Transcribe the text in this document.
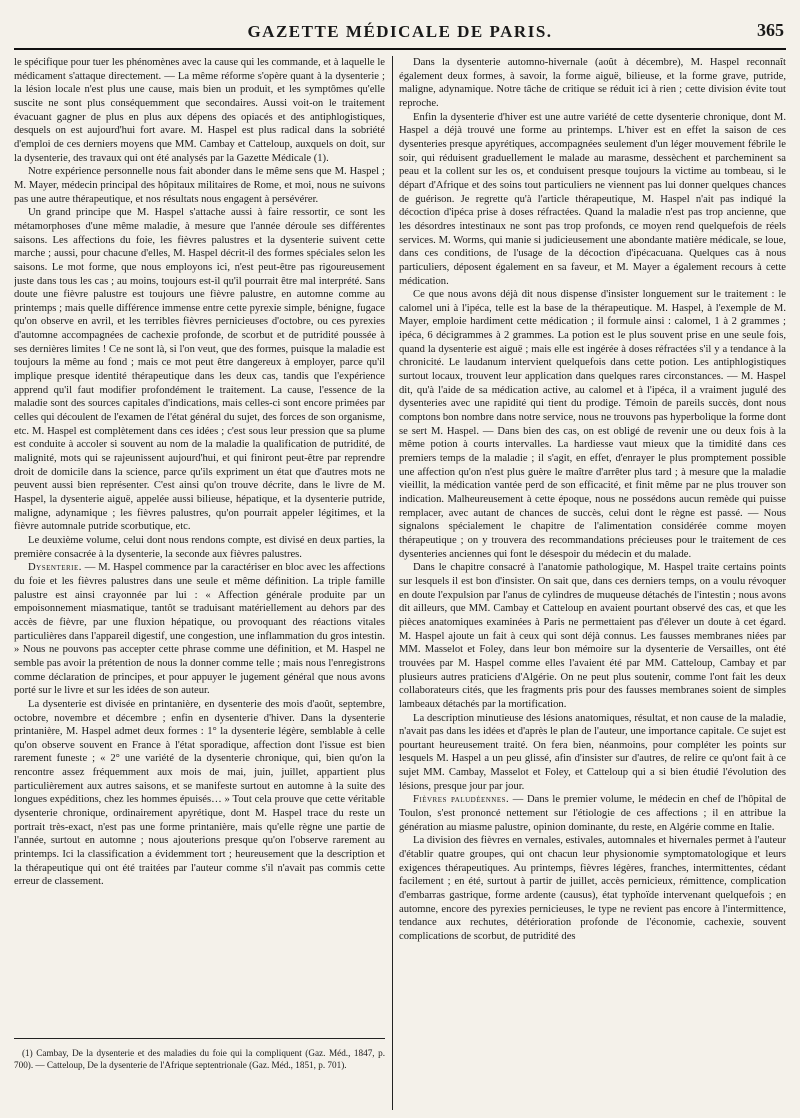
GAZETTE MÉDICALE DE PARIS.	365

le spécifique pour tuer les phénomènes avec la cause qui les commande, et à laquelle le médicament s'attaque directement. — La même réforme s'opère quant à la dysenterie ; la lésion locale n'est plus une cause, mais bien un produit, et les symptômes qu'elle suscite ne sont plus conséquemment que secondaires. Aussi voit-on le traitement évacuant gagner de plus en plus aux dépens des opiacés et des antiphlogistiques, desquels on est aujourd'hui fort avare. M. Haspel est plus radical dans la sobriété d'emploi de ces derniers moyens que MM. Cambay et Catteloup, auxquels on doit, sur la dysenterie, des travaux qui ont été analysés par la Gazette Médicale (1).

Notre expérience personnelle nous fait abonder dans le même sens que M. Haspel ; M. Mayer, médecin principal des hôpitaux militaires de Rome, et moi, nous ne suivons pas une autre thérapeutique, et nos résultats nous engagent à persévérer.

Un grand principe que M. Haspel s'attache aussi à faire ressortir, ce sont les métamorphoses d'une même maladie, à mesure que l'année déroule ses différentes saisons. Les affections du foie, les fièvres palustres et la dysenterie suivent cette marche ; aussi, pour chacune d'elles, M. Haspel décrit-il des formes spéciales selon les saisons. Le mot forme, que nous employons ici, n'est peut-être pas rigoureusement juste dans tous les cas ; au moins, toujours est-il qu'il pourrait être mal interprété. Sans doute une fièvre palustre est toujours une fièvre palustre, en automne comme au printemps ; mais quelle différence immense entre cette pyrexie simple, bénigne, fugace qu'on observe en avril, et les terribles fièvres pernicieuses d'octobre, ou ces pyrexies d'automne accompagnées de cachexie profonde, de scorbut et de putridité poussée à ses dernières limites ! Ce ne sont là, si l'on veut, que des formes, puisque la maladie est toujours la même au fond ; mais ce mot peut être dangereux à employer, parce qu'il implique presque identité thérapeutique dans les deux cas, tandis que l'expérience apprend qu'il faut modifier profondément le traitement. La cause, l'essence de la maladie sont des sources capitales d'indications, mais celles-ci sont encore primées par celles qui découlent de l'examen de l'état général du sujet, des forces de son organisme, etc. M. Haspel est complètement dans ces idées ; c'est sous leur pression que sa plume est conduite à accoler si souvent au nom de la maladie la qualification de putridité, de malignité, mots qui se rajeunissent aujourd'hui, et qui finiront peut-être par reprendre droit de domicile dans la science, parce qu'ils expriment un état que d'autres mots ne peuvent aussi bien représenter. C'est ainsi qu'on trouve décrite, dans le livre de M. Haspel, la dysenterie aiguë, appelée aussi bilieuse, hépatique, et la dysenterie putride, maligne, adynamique ; les fièvres palustres, qu'on pourrait appeler légitimes, et la fièvre automnale putride scorbutique, etc.

Le deuxième volume, celui dont nous rendons compte, est divisé en deux parties, la première consacrée à la dysenterie, la seconde aux fièvres palustres.

Dysenterie. — M. Haspel commence par la caractériser en bloc avec les affections du foie et les fièvres palustres dans une seule et même définition. La triple famille palustre est ainsi crayonnée par lui : « Affection générale produite par un empoisonnement miasmatique, tantôt se traduisant matériellement au dehors par des accès de fièvre, par une fluxion hépatique, ou provoquant des réactions vitales particulières dans l'appareil digestif, une congestion, une inflammation du gros intestin. » Nous ne pouvons pas accepter cette phrase comme une définition, et M. Haspel ne semble pas avoir la prétention de nous la donner comme telle ; mais nous l'enregistrons comme déclaration de principes, et pour appuyer le jugement général que nous avons porté sur le livre et sur les idées de son auteur.

La dysenterie est divisée en printanière, en dysenterie des mois d'août, septembre, octobre, novembre et décembre ; enfin en dysenterie d'hiver. Dans la dysenterie printanière, M. Haspel admet deux formes : 1° la dysenterie légère, semblable à celle qu'on observe souvent en France à l'état sporadique, affection dont l'issue est bien rarement funeste ; « 2° une variété de la dysenterie chronique, qui, bien qu'on la rencontre assez fréquemment aux mois de mai, juin, juillet, appartient plus particulièrement aux autres saisons, et se manifeste surtout en automne à la suite des longues expéditions, chez les hommes épuisés… » Tout cela prouve que cette véritable dysenterie chronique, ordinairement apyrétique, dont M. Haspel trace du reste un portrait très-exact, n'est pas une forme printanière, mais qu'elle règne une partie de l'année, surtout en automne ; nous ajouterions presque qu'on l'observe rarement au printemps. Ici la classification a évidemment tort ; heureusement que la description et la thérapeutique qui ont été traitées par l'auteur comme s'il n'avait pas commis cette erreur de classement.

(1) Cambay, De la dysenterie et des maladies du foie qui la compliquent (Gaz. Méd., 1847, p. 700). — Catteloup, De la dysenterie de l'Afrique septentrionale (Gaz. Méd., 1851, p. 701).

Dans la dysenterie automno-hivernale (août à décembre), M. Haspel reconnaît également deux formes, à savoir, la forme aiguë, bilieuse, et la forme grave, putride, maligne, adynamique. Notre tâche de critique se réduit ici à rien ; cette division évite tout reproche.

Enfin la dysenterie d'hiver est une autre variété de cette dysenterie chronique, dont M. Haspel a déjà trouvé une forme au printemps. L'hiver est en effet la saison de ces dysenteries presque apyrétiques, accompagnées seulement d'un léger mouvement fébrile le soir, qui réduisent graduellement le malade au marasme, dessèchent et parcheminent sa peau et la collent sur les os, et conduisent presque toujours la victime au tombeau, si le départ d'Afrique et des soins tout particuliers ne viennent pas lui donner quelques chances de guérison. Je regrette qu'à l'article thérapeutique, M. Haspel n'ait pas indiqué la décoction d'ipéca prise à doses réfractées. Quand la maladie n'est pas trop ancienne, que les désordres intestinaux ne sont pas trop profonds, ce moyen rend quelquefois de réels services. M. Worms, qui manie si judicieusement une abondante matière médicale, se loue, dans ces conditions, de l'usage de la décoction d'ipécacuana. Quelques cas à nous particuliers, déposent également en sa faveur, et M. Mayer a également recours à cette médication.

Ce que nous avons déjà dit nous dispense d'insister longuement sur le traitement : le calomel uni à l'ipéca, telle est la base de la thérapeutique. M. Haspel, à l'exemple de M. Mayer, emploie hardiment cette médication ; il formule ainsi : calomel, 1 à 2 grammes ; ipéca, 6 décigrammes à 2 grammes. La potion est le plus souvent prise en une seule fois, quand la dysenterie est aiguë ; mais elle est ingérée à doses réfractées s'il y a tendance à la chronicité. Le laudanum intervient quelquefois dans cette potion. Les antiphlogistiques surtout locaux, trouvent leur application dans quelques rares circonstances. — M. Haspel dit, qu'à l'aide de sa médication active, au calomel et à l'ipéca, il a vraiment jugulé des dysenteries avec une rapidité qui tient du prodige. Témoin de pareils succès, dont nous comptons bon nombre dans notre service, nous ne trouvons pas hyperbolique la forme dont se sert M. Haspel. — Dans bien des cas, on est obligé de revenir une ou deux fois à la même potion à courts intervalles. La hardiesse vaut mieux que la timidité dans ces premiers temps de la maladie ; il s'agit, en effet, d'enrayer le plus promptement possible une affection qu'on n'est plus guère le maître d'arrêter plus tard ; à mesure que la maladie vieillit, la médication vantée perd de son efficacité, et finit même par ne plus trouver son indication. Malheureusement à cette époque, nous ne possédons aucun remède qui puisse remplacer, avec autant de chances de succès, celui dont le règne est passé. — Nous signalons spécialement le chapitre de l'alimentation considérée comme moyen thérapeutique ; on y trouvera des recommandations précieuses pour le traitement de ces dysenteries anciennes qui font le désespoir du médecin et du malade.

Dans le chapitre consacré à l'anatomie pathologique, M. Haspel traite certains points sur lesquels il est bon d'insister. On sait que, dans ces derniers temps, on a voulu révoquer en doute l'expulsion par l'anus de cylindres de muqueuse détachés de l'intestin ; nous avons dit ailleurs, que MM. Cambay et Catteloup en avaient pourtant observé des cas, et que les pièces anatomiques examinées à Paris ne permettaient pas d'élever un doute à cet égard. M. Haspel ajoute un fait à ceux qui sont déjà connus. Les fausses membranes niées par MM. Masselot et Foley, dans leur bon mémoire sur la dysenterie de Versailles, ont été trouvées par M. Haspel comme elles l'avaient été par MM. Catteloup, Cambay et par plusieurs autres praticiens d'Algérie. On ne peut plus soutenir, comme l'ont fait les deux collaborateurs cités, que les fragments pris pour des fausses membranes soient de simples lambeaux détachés par la mortification.

La description minutieuse des lésions anatomiques, résultat, et non cause de la maladie, n'avait pas dans les idées et d'après le plan de l'auteur, une importance capitale. Ce sujet est pourtant heureusement traité. On fera bien, néanmoins, pour compléter les points sur lesquels M. Haspel a un peu glissé, afin d'insister sur d'autres, de relire ce qu'ont fait à ce sujet MM. Cambay, Masselot et Foley, et Catteloup qui a si bien étudié l'évolution des lésions, presque jour par jour.

Fièvres paludéennes. — Dans le premier volume, le médecin en chef de l'hôpital de Toulon, s'est prononcé nettement sur l'étiologie de ces affections ; il en attribue la génération au miasme palustre, opinion dominante, du reste, en Algérie comme en Italie.

La division des fièvres en vernales, estivales, automnales et hivernales permet à l'auteur d'établir quatre groupes, qui ont chacun leur physionomie symptomatologique et leurs exigences thérapeutiques. Au printemps, fièvres légères, franches, intermittentes, cédant facilement ; en été, surtout à partir de juillet, accès pernicieux, rémittence, complication d'embarras gastrique, forme ardente (causus), état typhoïde intervenant quelquefois ; en automne, encore des pyrexies pernicieuses, le type ne revient pas encore à l'intermittence, tendance aux rechutes, détérioration profonde de l'économie, cachexie, souvent complications de scorbut, de putridité des
